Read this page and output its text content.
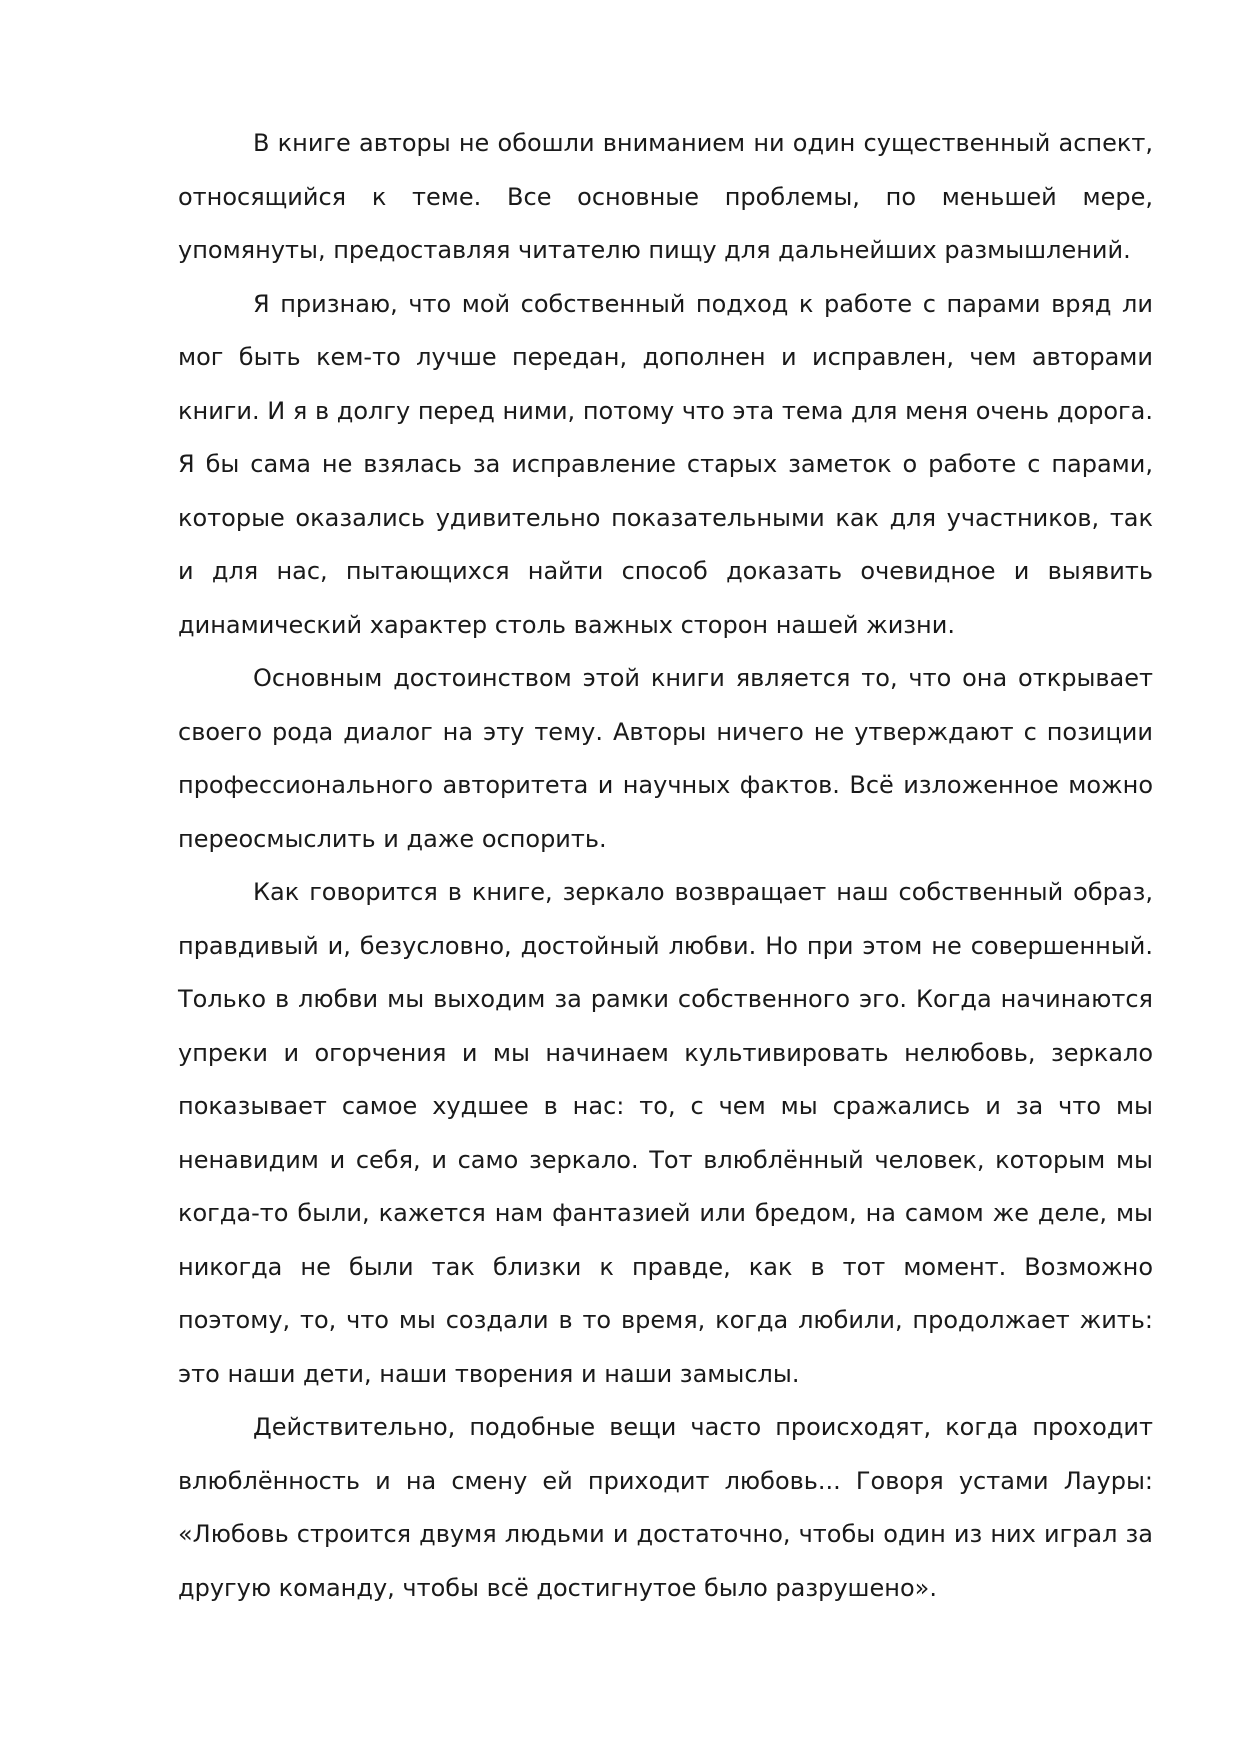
В книге авторы не обошли вниманием ни один существенный аспект, относящийся к теме. Все основные проблемы, по меньшей мере, упомянуты, предоставляя читателю пищу для дальнейших размышлений.

Я признаю, что мой собственный подход к работе с парами вряд ли мог быть кем-то лучше передан, дополнен и исправлен, чем авторами книги. И я в долгу перед ними, потому что эта тема для меня очень дорога. Я бы сама не взялась за исправление старых заметок о работе с парами, которые оказались удивительно показательными как для участников, так и для нас, пытающихся найти способ доказать очевидное и выявить динамический характер столь важных сторон нашей жизни.

Основным достоинством этой книги является то, что она открывает своего рода диалог на эту тему. Авторы ничего не утверждают с позиции профессионального авторитета и научных фактов. Всё изложенное можно переосмыслить и даже оспорить.

Как говорится в книге, зеркало возвращает наш собственный образ, правдивый и, безусловно, достойный любви. Но при этом не совершенный. Только в любви мы выходим за рамки собственного эго. Когда начинаются упреки и огорчения и мы начинаем культивировать нелюбовь, зеркало показывает самое худшее в нас: то, с чем мы сражались и за что мы ненавидим и себя, и само зеркало. Тот влюблённый человек, которым мы когда-то были, кажется нам фантазией или бредом, на самом же деле, мы никогда не были так близки к правде, как в тот момент. Возможно поэтому, то, что мы создали в то время, когда любили, продолжает жить: это наши дети, наши творения и наши замыслы.

Действительно, подобные вещи часто происходят, когда проходит влюблённость и на смену ей приходит любовь... Говоря устами Лауры: «Любовь строится двумя людьми и достаточно, чтобы один из них играл за другую команду, чтобы всё достигнутое было разрушено».
